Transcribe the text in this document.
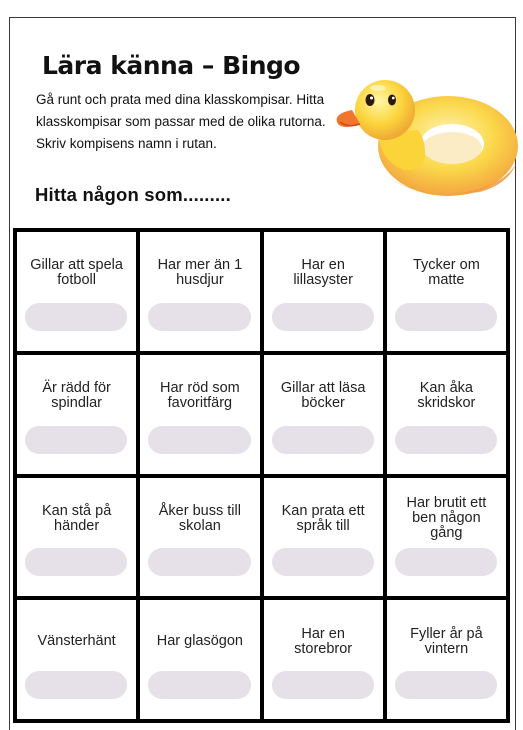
Lära känna – Bingo
Gå runt och prata med dina klasskompisar. Hitta klasskompisar som passar med de olika rutorna. Skriv kompisens namn i rutan.
Hitta någon som.........
Gillar att spela fotboll
Har mer än 1 husdjur
Har en lillasyster
Tycker om matte
Är rädd för spindlar
Har röd som favoritfärg
Gillar att läsa böcker
Kan åka skridskor
Kan stå på händer
Åker buss till skolan
Kan prata ett språk till
Har brutit ett ben någon gång
Vänsterhänt	Har glasögon	Har en storebror
Fyller år på vintern
